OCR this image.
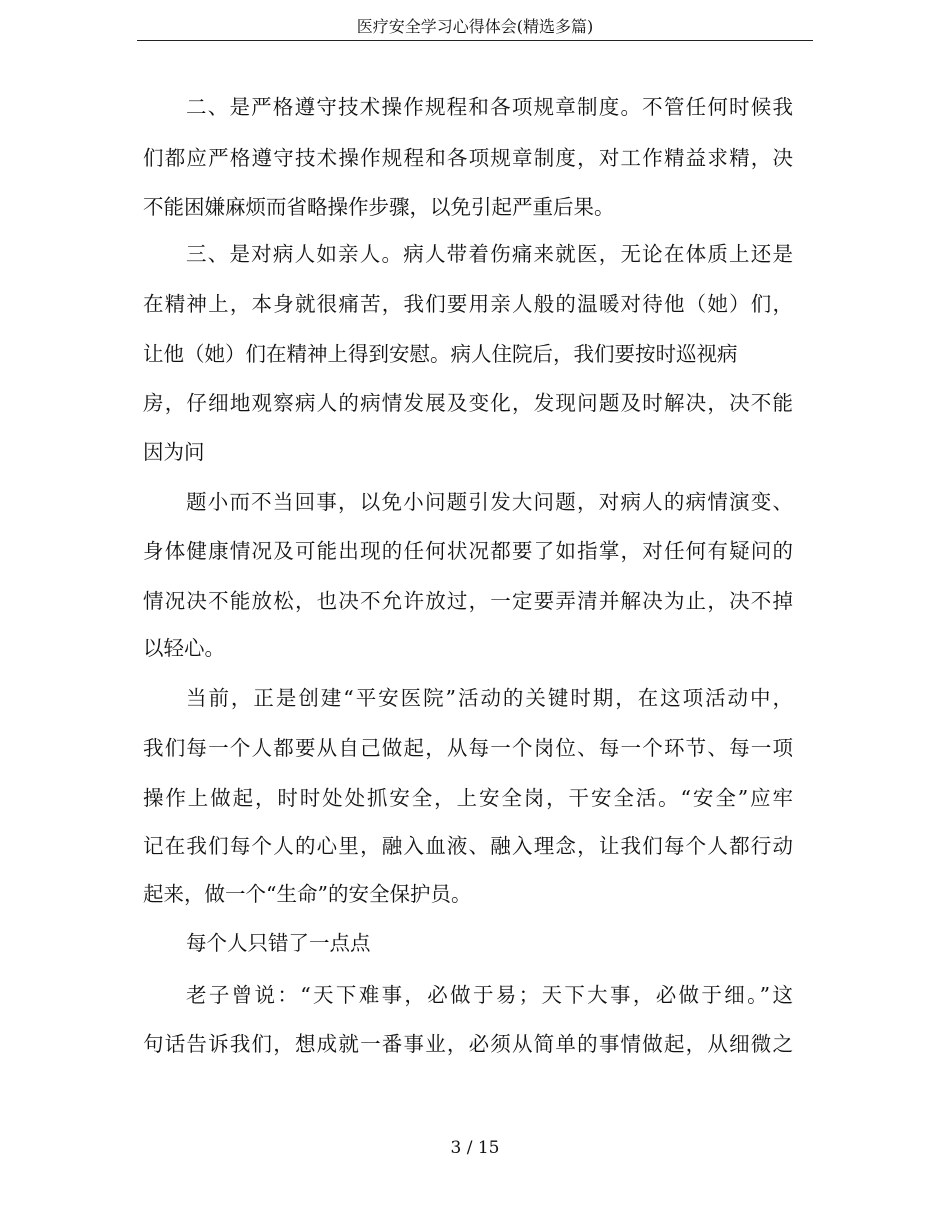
医疗安全学习心得体会(精选多篇)
二、是严格遵守技术操作规程和各项规章制度。不管任何时候我
们都应严格遵守技术操作规程和各项规章制度，对工作精益求精，决
不能困嫌麻烦而省略操作步骤，以免引起严重后果。
三、是对病人如亲人。病人带着伤痛来就医，无论在体质上还是
在精神上，本身就很痛苦，我们要用亲人般的温暖对待他（她）们，
让他（她）们在精神上得到安慰。病人住院后，我们要按时巡视病
房，仔细地观察病人的病情发展及变化，发现问题及时解决，决不能
因为问
题小而不当回事，以免小问题引发大问题，对病人的病情演变、
身体健康情况及可能出现的任何状况都要了如指掌，对任何有疑问的
情况决不能放松，也决不允许放过，一定要弄清并解决为止，决不掉
以轻心。
当前，正是创建“平安医院”活动的关键时期，在这项活动中，
我们每一个人都要从自己做起，从每一个岗位、每一个环节、每一项
操作上做起，时时处处抓安全，上安全岗，干安全活。“安全”应牢
记在我们每个人的心里，融入血液、融入理念，让我们每个人都行动
起来，做一个“生命”的安全保护员。
每个人只错了一点点
老子曾说：“天下难事，必做于易；天下大事，必做于细。”这
句话告诉我们，想成就一番事业，必须从简单的事情做起，从细微之
3 / 15
